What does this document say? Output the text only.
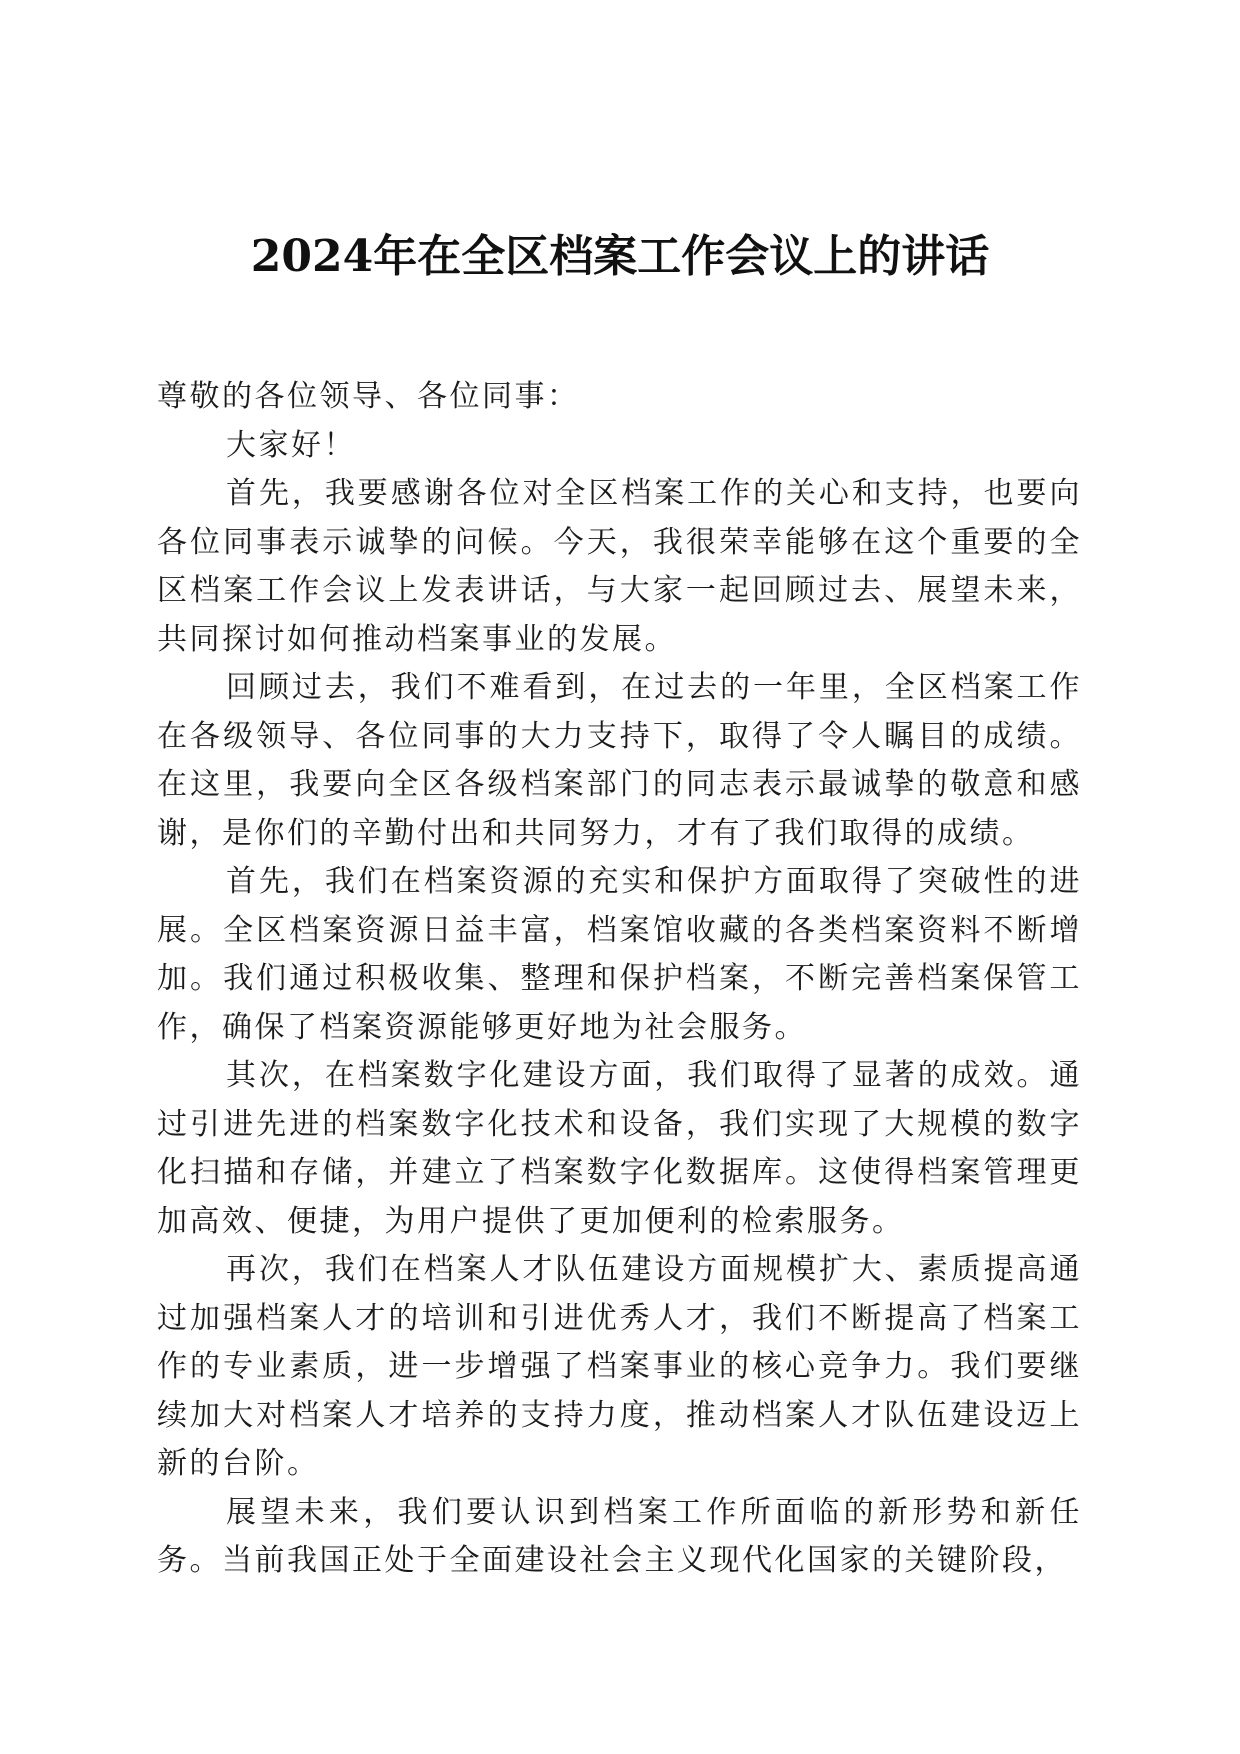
2024年在全区档案工作会议上的讲话

尊敬的各位领导、各位同事：

大家好！

首先，我要感谢各位对全区档案工作的关心和支持，也要向各位同事表示诚挚的问候。今天，我很荣幸能够在这个重要的全区档案工作会议上发表讲话，与大家一起回顾过去、展望未来，共同探讨如何推动档案事业的发展。

回顾过去，我们不难看到，在过去的一年里，全区档案工作在各级领导、各位同事的大力支持下，取得了令人瞩目的成绩。在这里，我要向全区各级档案部门的同志表示最诚挚的敬意和感谢，是你们的辛勤付出和共同努力，才有了我们取得的成绩。

首先，我们在档案资源的充实和保护方面取得了突破性的进展。全区档案资源日益丰富，档案馆收藏的各类档案资料不断增加。我们通过积极收集、整理和保护档案，不断完善档案保管工作，确保了档案资源能够更好地为社会服务。

其次，在档案数字化建设方面，我们取得了显著的成效。通过引进先进的档案数字化技术和设备，我们实现了大规模的数字化扫描和存储，并建立了档案数字化数据库。这使得档案管理更加高效、便捷，为用户提供了更加便利的检索服务。

再次，我们在档案人才队伍建设方面规模扩大、素质提高通过加强档案人才的培训和引进优秀人才，我们不断提高了档案工作的专业素质，进一步增强了档案事业的核心竞争力。我们要继续加大对档案人才培养的支持力度，推动档案人才队伍建设迈上新的台阶。

展望未来，我们要认识到档案工作所面临的新形势和新任务。当前我国正处于全面建设社会主义现代化国家的关键阶段，
